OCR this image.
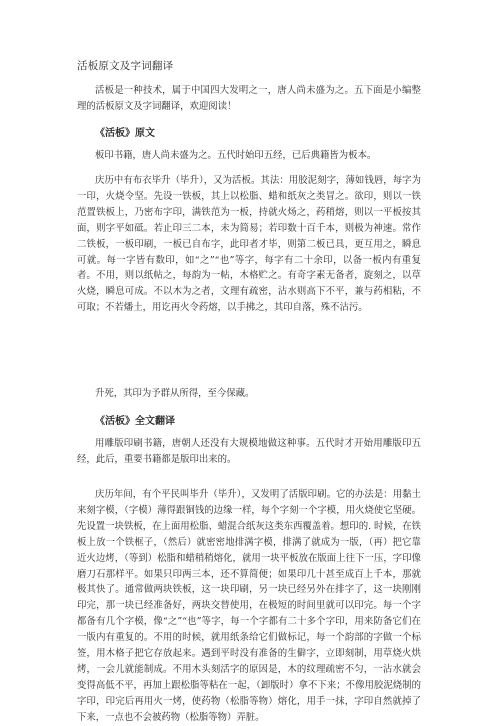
活板原文及字词翻译

活板是一种技术，属于中国四大发明之一，唐人尚未盛为之。五下面是小编整理的活板原文及字词翻译，欢迎阅读！

《活板》原文

板印书籍，唐人尚未盛为之。五代时始印五经，已后典籍皆为板本。

庆历中有布衣毕升（毕升），又为活板。其法：用胶泥刻字，薄如钱唇，每字为一印，火烧令坚。先设一铁板，其上以松脂、蜡和纸灰之类冒之。欲印，则以一铁范置铁板上，乃密布字印，满铁范为一板，持就火炀之，药稍熔，则以一平板按其面，则字平如砥。若止印三二本，未为简易；若印数十百千本，则极为神速。常作二铁板，一板印刷，一板已自布字，此印者才毕，则第二板已具，更互用之，瞬息可就。每一字皆有数印，如“之”“也”等字，每字有二十余印，以备一板内有重复者。不用，则以纸帖之，每韵为一帖，木格贮之。有奇字素无备者，旋刻之，以草火烧，瞬息可成。不以木为之者，文理有疏密，沾水则高下不平，兼与药相粘，不可取；不若燔土，用讫再火令药熔，以手拂之，其印自落，殊不沾污。

升死，其印为予群从所得，至今保藏。

《活板》全文翻译

用雕版印刷书籍，唐朝人还没有大规模地做这种事。五代时才开始用雕版印五经，此后，重要书籍都是版印出来的。

庆历年间，有个平民叫毕升（毕升），又发明了活版印刷。它的办法是：用黏土来刻字模，（字模）薄得跟铜钱的边缘一样，每个字刻一个字模，用火烧使它坚硬。先设置一块铁板，在上面用松脂、蜡混合纸灰这类东西覆盖着。想印的. 时候，在铁板上放一个铁框子，（然后）就密密地排满字模，排满了就成为一版，（再）把它靠近火边烤，（等到）松脂和蜡稍稍熔化，就用一块平板放在版面上往下一压，字印像磨刀石那样平。如果只印两三本，还不算简便；如果印几十甚至成百上千本，那就极其快了。通常做两块铁板，这一块印刷，另一块已经另外在排字了，这一块刚刚印完，那一块已经准备好，两块交替使用，在极短的时间里就可以印完。每一个字都备有几个字模，像“之”“也”等字，每一个字都有二十多个字印，用来防备它们在一版内有重复的。不用的时候，就用纸条给它们做标记，每一个韵部的字做一个标签，用木格子把它存放起来。遇到平时没有准备的生僻字，立即刻制，用草烧火烘烤，一会儿就能制成。不用木头刻活字的原因是，木的纹理疏密不匀，一沾水就会变得高低不平，再加上跟松脂等粘在一起，（卸版时）拿不下来；不像用胶泥烧制的字印，印完后再用火一烤，使药物（松脂等物）熔化，用手一抹，字印自然就掉了下来，一点也不会被药物（松脂等物）弄脏。
